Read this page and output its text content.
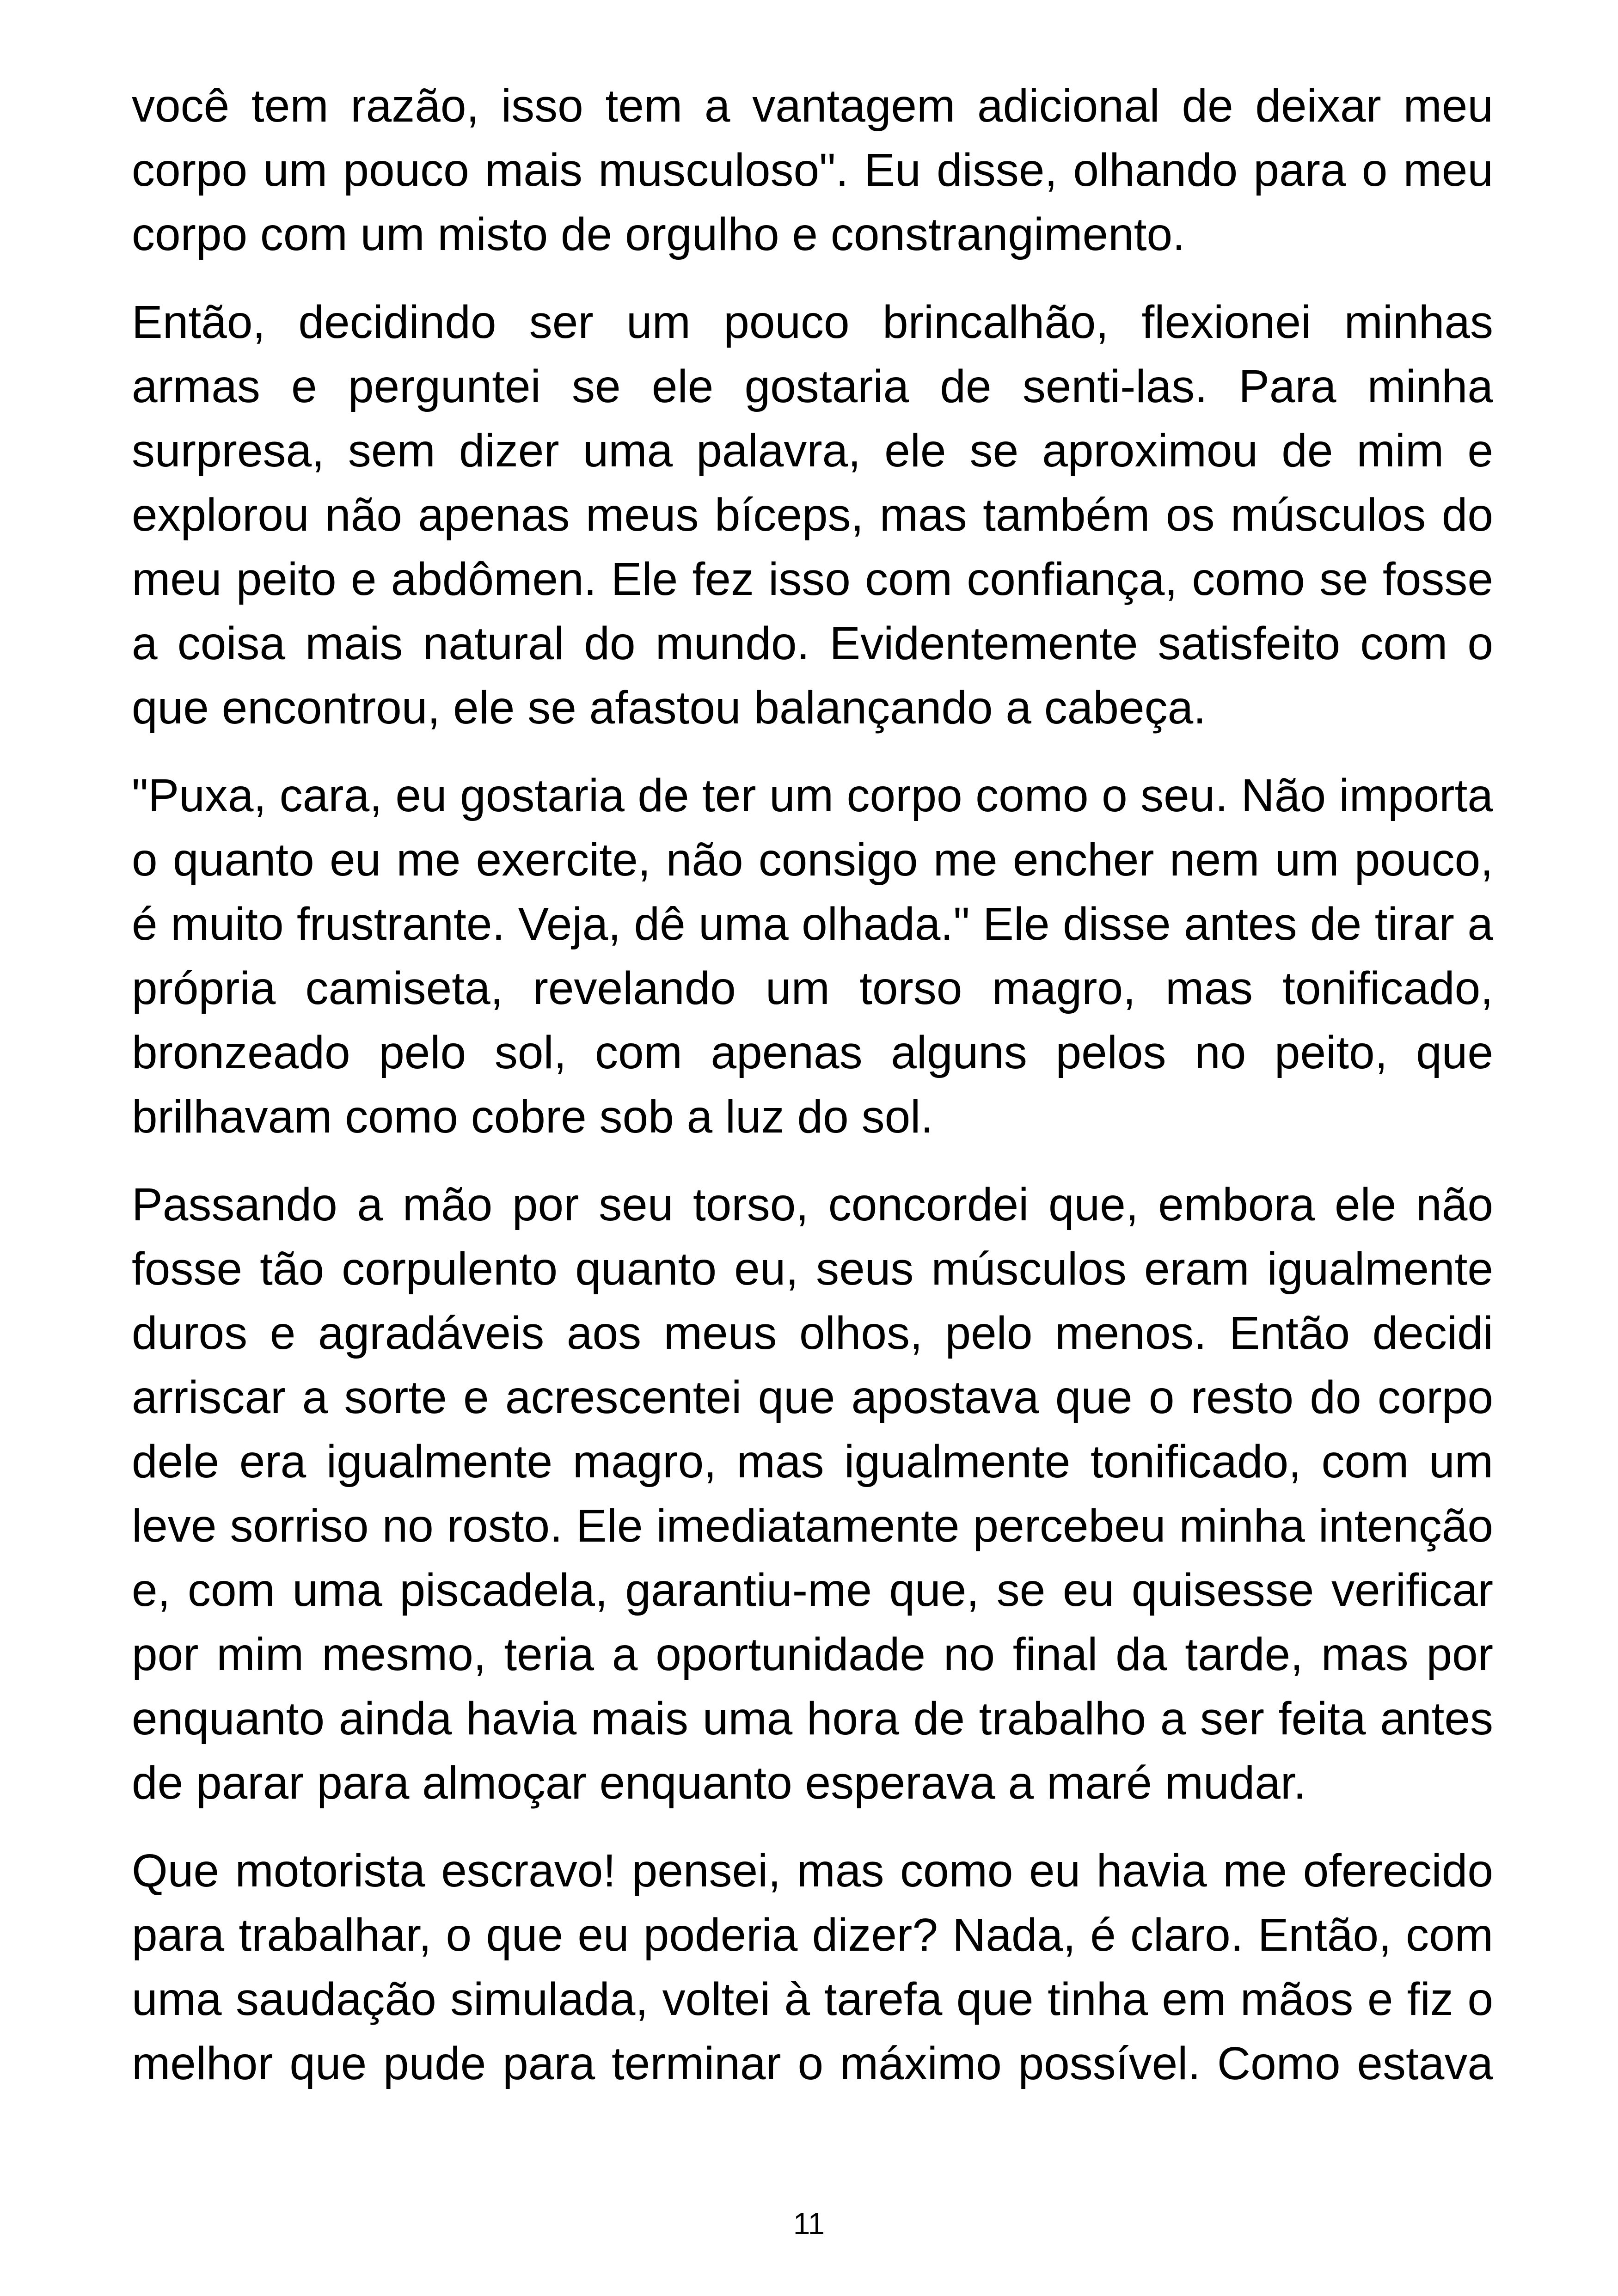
você tem razão, isso tem a vantagem adicional de deixar meu corpo um pouco mais musculoso". Eu disse, olhando para o meu corpo com um misto de orgulho e constrangimento.

Então, decidindo ser um pouco brincalhão, flexionei minhas armas e perguntei se ele gostaria de senti-las. Para minha surpresa, sem dizer uma palavra, ele se aproximou de mim e explorou não apenas meus bíceps, mas também os músculos do meu peito e abdômen. Ele fez isso com confiança, como se fosse a coisa mais natural do mundo. Evidentemente satisfeito com o que encontrou, ele se afastou balançando a cabeça.

"Puxa, cara, eu gostaria de ter um corpo como o seu. Não importa o quanto eu me exercite, não consigo me encher nem um pouco, é muito frustrante. Veja, dê uma olhada." Ele disse antes de tirar a própria camiseta, revelando um torso magro, mas tonificado, bronzeado pelo sol, com apenas alguns pelos no peito, que brilhavam como cobre sob a luz do sol.

Passando a mão por seu torso, concordei que, embora ele não fosse tão corpulento quanto eu, seus músculos eram igualmente duros e agradáveis aos meus olhos, pelo menos. Então decidi arriscar a sorte e acrescentei que apostava que o resto do corpo dele era igualmente magro, mas igualmente tonificado, com um leve sorriso no rosto. Ele imediatamente percebeu minha intenção e, com uma piscadela, garantiu-me que, se eu quisesse verificar por mim mesmo, teria a oportunidade no final da tarde, mas por enquanto ainda havia mais uma hora de trabalho a ser feita antes de parar para almoçar enquanto esperava a maré mudar.

Que motorista escravo! pensei, mas como eu havia me oferecido para trabalhar, o que eu poderia dizer? Nada, é claro. Então, com uma saudação simulada, voltei à tarefa que tinha em mãos e fiz o melhor que pude para terminar o máximo possível. Como estava

11
